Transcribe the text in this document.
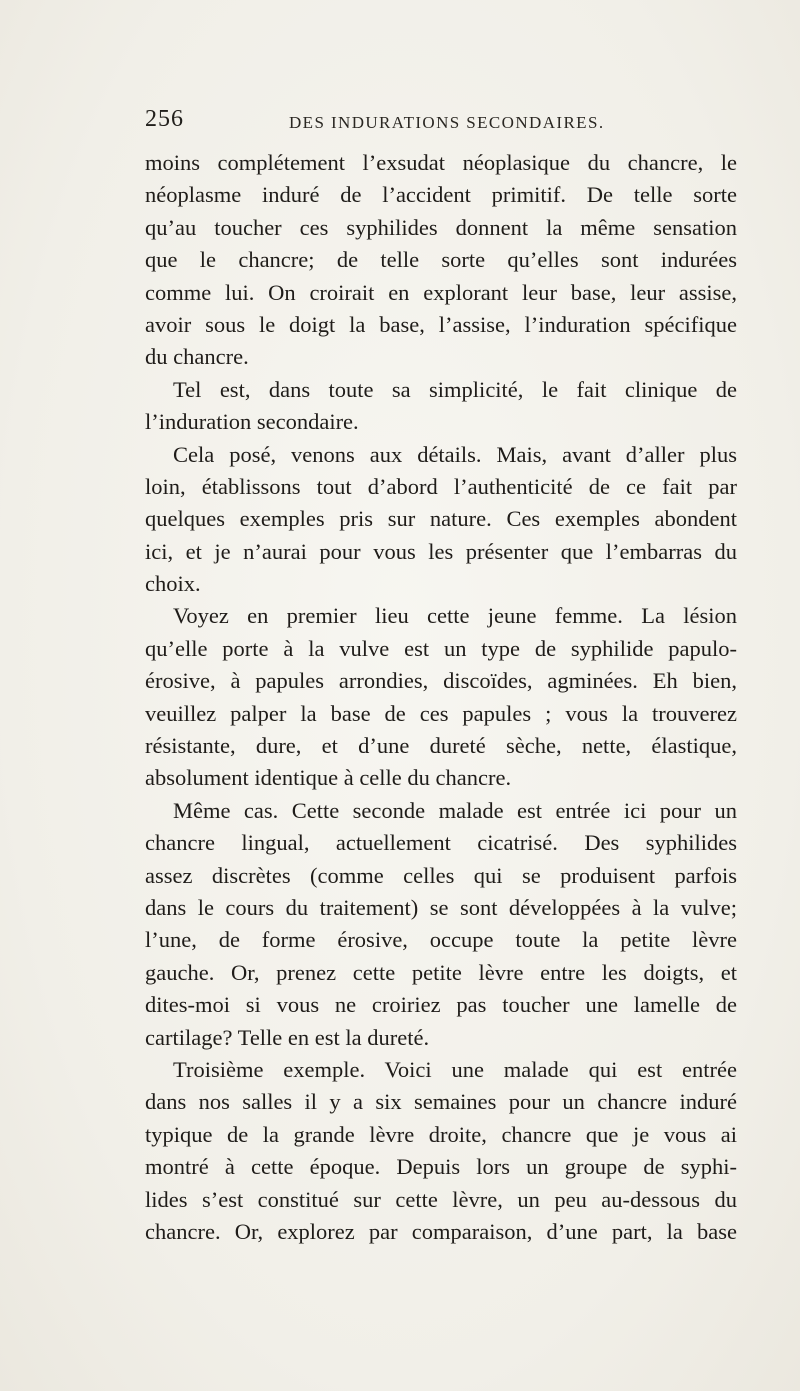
256	DES INDURATIONS SECONDAIRES.
moins complétement l’exsudat néoplasique du chancre, le
néoplasme induré de l’accident primitif. De telle sorte
qu’au toucher ces syphilides donnent la même sensation
que le chancre; de telle sorte qu’elles sont indurées
comme lui. On croirait en explorant leur base, leur assise,
avoir sous le doigt la base, l’assise, l’induration spécifique
du chancre.
Tel est, dans toute sa simplicité, le fait clinique de
l’induration secondaire.
Cela posé, venons aux détails. Mais, avant d’aller plus
loin, établissons tout d’abord l’authenticité de ce fait par
quelques exemples pris sur nature. Ces exemples abondent
ici, et je n’aurai pour vous les présenter que l’embarras du
choix.
Voyez en premier lieu cette jeune femme. La lésion
qu’elle porte à la vulve est un type de syphilide papulo-
érosive, à papules arrondies, discoïdes, agminées. Eh bien,
veuillez palper la base de ces papules ; vous la trouverez
résistante, dure, et d’une dureté sèche, nette, élastique,
absolument identique à celle du chancre.
Même cas. Cette seconde malade est entrée ici pour un
chancre lingual, actuellement cicatrisé. Des syphilides
assez discrètes (comme celles qui se produisent parfois
dans le cours du traitement) se sont développées à la vulve;
l’une, de forme érosive, occupe toute la petite lèvre
gauche. Or, prenez cette petite lèvre entre les doigts, et
dites-moi si vous ne croiriez pas toucher une lamelle de
cartilage? Telle en est la dureté.
Troisième exemple. Voici une malade qui est entrée
dans nos salles il y a six semaines pour un chancre induré
typique de la grande lèvre droite, chancre que je vous ai
montré à cette époque. Depuis lors un groupe de syphi-
lides s’est constitué sur cette lèvre, un peu au-dessous du
chancre. Or, explorez par comparaison, d’une part, la base
